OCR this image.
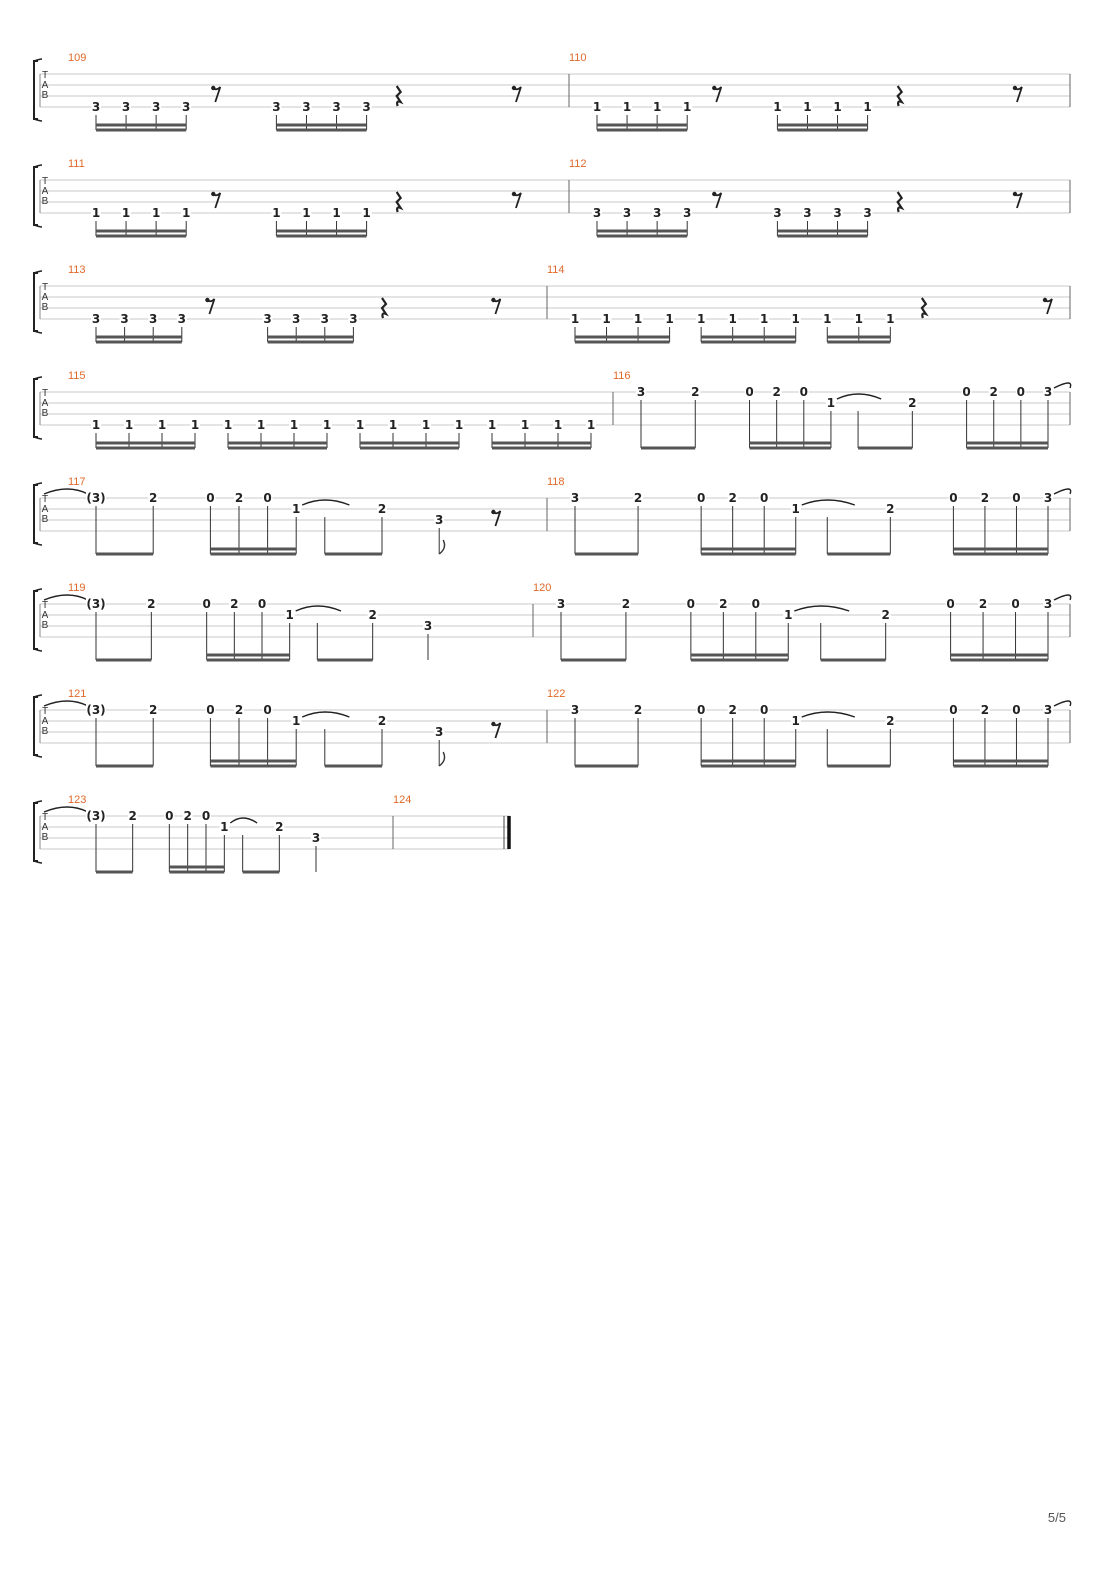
T
A
B
109
3 3 3 3	3 3 3 3
110
1 1 1 1	1 1 1 1
T
A
B
111
1 1 1 1	1 1 1 1
112
3 3 3 3	3 3 3 3
T
A
B
113
3 3 3 3	3 3 3 3
114
1 1 1 1 1 1 1 1 1 1 1
T
A
B
115
1 1 1 1 1 1 1 1 1 1 1 1 1 1 1 1
116
3	2	0 2 0
1	2
0 2 0 3
T
A
B
117
(3)	2	0 2 0
1	2
3
118
3	2	0 2 0
1	2
0 2 0 3
T
A
B
119
(3)	2	0 2 0
1	2
3
120
3	2	0 2 0
1	2
0 2 0 3
T
A
B
121
(3)	2	0 2 0
1	2
3
122
3	2	0 2 0
1	2
0 2 0 3
T
A
B
123
(3) 2 0 2 0
1	2
3
124
5/5
